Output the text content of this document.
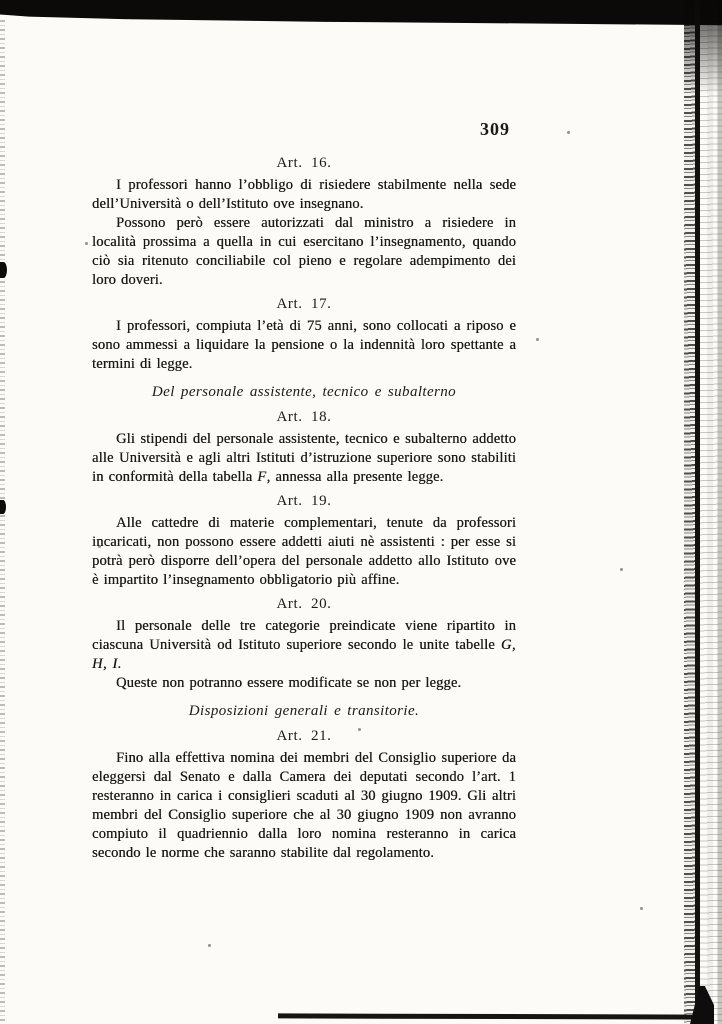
309
Art. 16.

I professori hanno l’obbligo di risiedere stabilmente nella sede dell’Università o dell’Istituto ove insegnano.

Possono però essere autorizzati dal ministro a risiedere in località prossima a quella in cui esercitano l’insegnamento, quando ciò sia ritenuto conciliabile col pieno e regolare adempimento dei loro doveri.

Art. 17.

I professori, compiuta l’età di 75 anni, sono collocati a riposo e sono ammessi a liquidare la pensione o la indennità loro spettante a termini di legge.

Del personale assistente, tecnico e subalterno
Art. 18.

Gli stipendi del personale assistente, tecnico e subalterno addetto alle Università e agli altri Istituti d’istruzione superiore sono stabiliti in conformità della tabella F, annessa alla presente legge.

Art. 19.

Alle cattedre di materie complementari, tenute da professori incaricati, non possono essere addetti aiuti nè assistenti : per esse si potrà però disporre dell’opera del personale addetto allo Istituto ove è impartito l’insegnamento obbligatorio più affine.

Art. 20.

Il personale delle tre categorie preindicate viene ripartito in ciascuna Università od Istituto superiore secondo le unite tabelle G, H, I.

Queste non potranno essere modificate se non per legge.

Disposizioni generali e transitorie.
Art. 21.

Fino alla effettiva nomina dei membri del Consiglio superiore da eleggersi dal Senato e dalla Camera dei deputati secondo l’art. 1 resteranno in carica i consiglieri scaduti al 30 giugno 1909. Gli altri membri del Consiglio superiore che al 30 giugno 1909 non avranno compiuto il quadriennio dalla loro nomina resteranno in carica secondo le norme che saranno stabilite dal regolamento.
